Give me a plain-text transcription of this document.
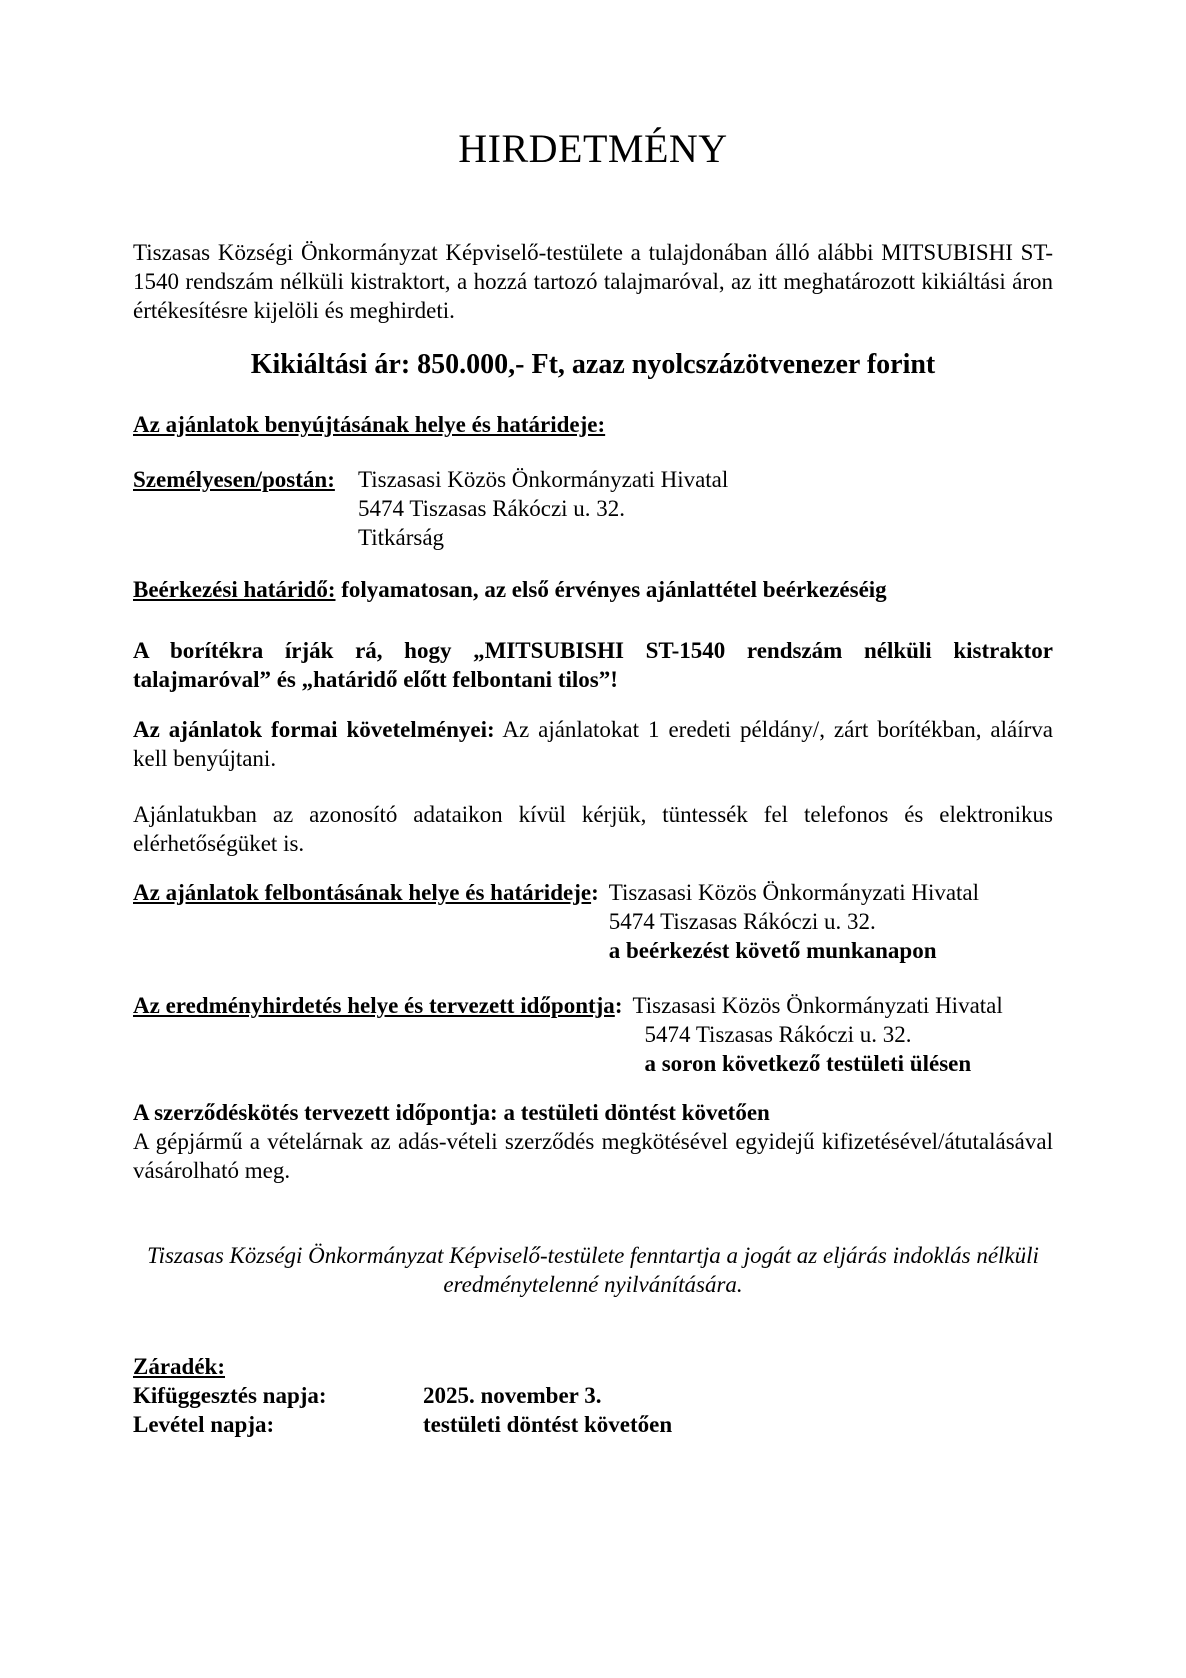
HIRDETMÉNY

Tiszasas Községi Önkormányzat Képviselő-testülete a tulajdonában álló alábbi MITSUBISHI ST-1540 rendszám nélküli kistraktort, a hozzá tartozó talajmaróval, az itt meghatározott kikiáltási áron értékesítésre kijelöli és meghirdeti.

Kikiáltási ár: 850.000,- Ft, azaz nyolcszázötvenezer forint

Az ajánlatok benyújtásának helye és határideje:

Személyesen/postán:	Tiszasasi Közös Önkormányzati Hivatal
5474 Tiszasas Rákóczi u. 32.
Titkárság

Beérkezési határidő: folyamatosan, az első érvényes ajánlattétel beérkezéséig

A borítékra írják rá, hogy „MITSUBISHI ST-1540 rendszám nélküli kistraktor talajmaróval” és „határidő előtt felbontani tilos”!

Az ajánlatok formai követelményei: Az ajánlatokat 1 eredeti példány/, zárt borítékban, aláírva kell benyújtani.

Ajánlatukban az azonosító adataikon kívül kérjük, tüntessék fel telefonos és elektronikus elérhetőségüket is.

Az ajánlatok felbontásának helye és határideje: Tiszasasi Közös Önkormányzati Hivatal
5474 Tiszasas Rákóczi u. 32.
a beérkezést követő munkanapon
Az eredményhirdetés helye és tervezett időpontja: Tiszasasi Közös Önkormányzati Hivatal
5474 Tiszasas Rákóczi u. 32.
a soron következő testületi ülésen

A szerződéskötés tervezett időpontja: a testületi döntést követően

A gépjármű a vételárnak az adás-vételi szerződés megkötésével egyidejű kifizetésével/átutalásával vásárolható meg.

Tiszasas Községi Önkormányzat Képviselő-testülete fenntartja a jogát az eljárás indoklás nélküli eredménytelenné nyilvánítására.

Záradék:

Kifüggesztés napja:	2025. november 3.
Levétel napja:	testületi döntést követően
